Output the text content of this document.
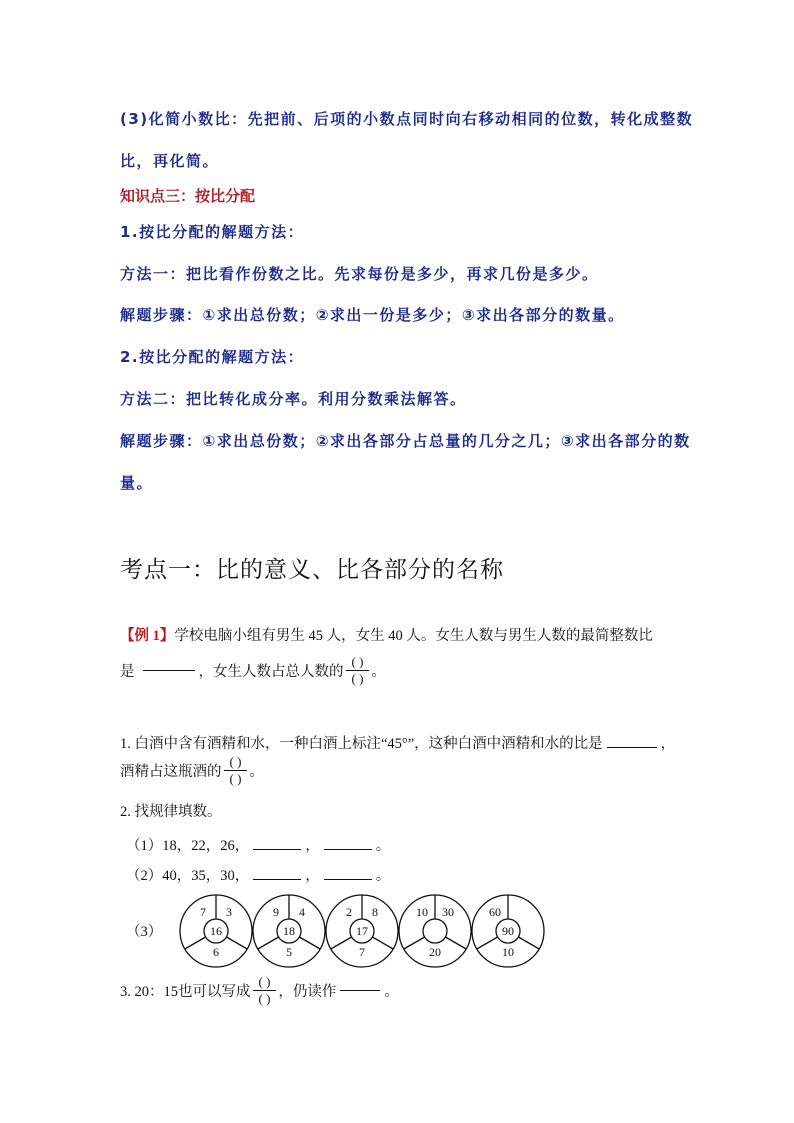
(3)化简小数比：先把前、后项的小数点同时向右移动相同的位数，转化成整数
比，再化简。
知识点三：按比分配
1.按比分配的解题方法：
方法一：把比看作份数之比。先求每份是多少，再求几份是多少。
解题步骤：①求出总份数；②求出一份是多少；③求出各部分的数量。
2.按比分配的解题方法：
方法二：把比转化成分率。利用分数乘法解答。
解题步骤：①求出总份数；②求出各部分占总量的几分之几；③求出各部分的数
量。
考点一：比的意义、比各部分的名称
【例 1】学校电脑小组有男生 45 人，女生 40 人。女生人数与男生人数的最简整数比
是	，女生人数占总人数的 $\frac{( )}{( )}$ 。
1. 白酒中含有酒精和水，一种白酒上标注“45°”，这种白酒中酒精和水的比是	，
酒精占这瓶酒的 $\frac{( )}{( )}$ 。
2. 找规律填数。
（1）18，22，26，	，	。
（2）40，35，30，	，	。
（3）
7 3
16
6
9 4
18
5
2 8
17
7
10 30
20
60
90
10
3. 20：15也可以写成 $\frac{( )}{( )}$ ，仍读作	。
